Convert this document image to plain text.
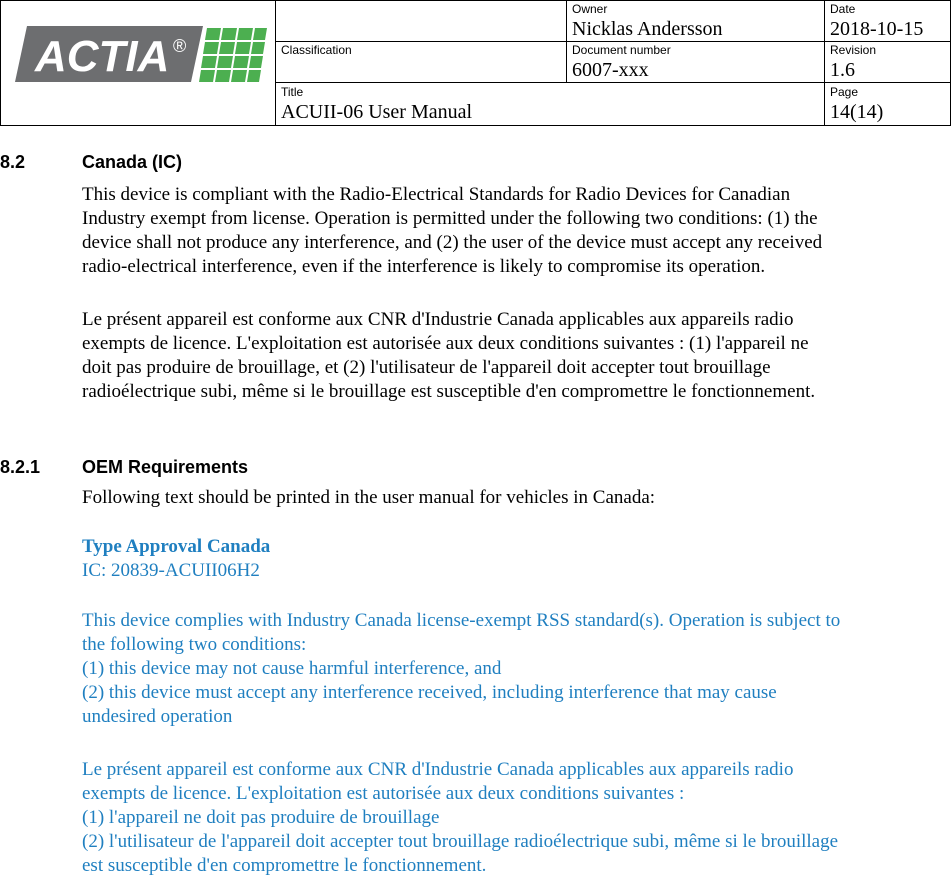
ACTIA ®
Owner
Nicklas Andersson
Date
2018-10-15
Classification	Document number
6007-xxx
Revision
1.6
Title
ACUII-06 User Manual
Page
14(14)
8.2	Canada (IC)
This device is compliant with the Radio-Electrical Standards for Radio Devices for Canadian
Industry exempt from license. Operation is permitted under the following two conditions: (1) the
device shall not produce any interference, and (2) the user of the device must accept any received
radio-electrical interference, even if the interference is likely to compromise its operation.
Le présent appareil est conforme aux CNR d'Industrie Canada applicables aux appareils radio
exempts de licence. L'exploitation est autorisée aux deux conditions suivantes : (1) l'appareil ne
doit pas produire de brouillage, et (2) l'utilisateur de l'appareil doit accepter tout brouillage
radioélectrique subi, même si le brouillage est susceptible d'en compromettre le fonctionnement.
8.2.1 OEM Requirements
Following text should be printed in the user manual for vehicles in Canada:
Type Approval Canada
IC: 20839-ACUII06H2
This device complies with Industry Canada license-exempt RSS standard(s). Operation is subject to
the following two conditions:
(1) this device may not cause harmful interference, and
(2) this device must accept any interference received, including interference that may cause
undesired operation
Le présent appareil est conforme aux CNR d'Industrie Canada applicables aux appareils radio
exempts de licence. L'exploitation est autorisée aux deux conditions suivantes :
(1) l'appareil ne doit pas produire de brouillage
(2) l'utilisateur de l'appareil doit accepter tout brouillage radioélectrique subi, même si le brouillage
est susceptible d'en compromettre le fonctionnement.
